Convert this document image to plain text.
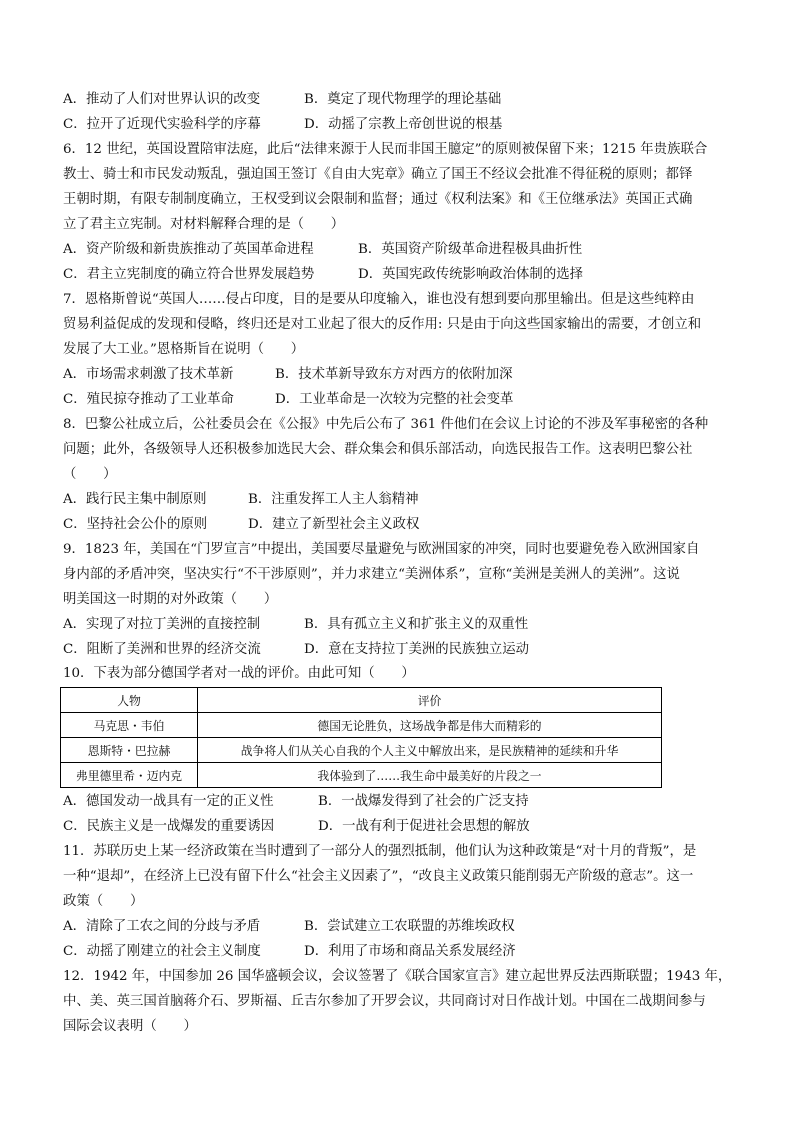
A．推动了人们对世界认识的改变	B．奠定了现代物理学的理论基础
C．拉开了近现代实验科学的序幕	D．动摇了宗教上帝创世说的根基
6．12 世纪，英国设置陪审法庭，此后“法律来源于人民而非国王臆定”的原则被保留下来；1215 年贵族联合
教士、骑士和市民发动叛乱，强迫国王签订《自由大宪章》确立了国王不经议会批准不得征税的原则；都铎
王朝时期，有限专制制度确立，王权受到议会限制和监督；通过《权利法案》和《王位继承法》英国正式确
立了君主立宪制。对材料解释合理的是（　　）
A．资产阶级和新贵族推动了英国革命进程	B．英国资产阶级革命进程极具曲折性
C．君主立宪制度的确立符合世界发展趋势	D．英国宪政传统影响政治体制的选择
7．恩格斯曾说“英国人……侵占印度，目的是要从印度输入，谁也没有想到要向那里输出。但是这些纯粹由
贸易利益促成的发现和侵略，终归还是对工业起了很大的反作用: 只是由于向这些国家输出的需要，才创立和
发展了大工业。”恩格斯旨在说明（　　）
A．市场需求刺激了技术革新	B．技术革新导致东方对西方的依附加深
C．殖民掠夺推动了工业革命	D．工业革命是一次较为完整的社会变革
8．巴黎公社成立后，公社委员会在《公报》中先后公布了 361 件他们在会议上讨论的不涉及军事秘密的各种
问题；此外，各级领导人还积极参加选民大会、群众集会和俱乐部活动，向选民报告工作。这表明巴黎公社
（　　）
A．践行民主集中制原则	B．注重发挥工人主人翁精神
C．坚持社会公仆的原则	D．建立了新型社会主义政权
9．1823 年，美国在“门罗宣言”中提出，美国要尽量避免与欧洲国家的冲突，同时也要避免卷入欧洲国家自
身内部的矛盾冲突，坚决实行“不干涉原则”，并力求建立“美洲体系”，宣称“美洲是美洲人的美洲”。这说
明美国这一时期的对外政策（　　）
A．实现了对拉丁美洲的直接控制	B．具有孤立主义和扩张主义的双重性
C．阻断了美洲和世界的经济交流	D．意在支持拉丁美洲的民族独立运动
10．下表为部分德国学者对一战的评价。由此可知（　　）
人物	评价
马克思・韦伯	德国无论胜负，这场战争都是伟大而精彩的
恩斯特・巴拉赫	战争将人们从关心自我的个人主义中解放出来，是民族精神的延续和升华
弗里德里希・迈内克	我体验到了……我生命中最美好的片段之一
A．德国发动一战具有一定的正义性	B．一战爆发得到了社会的广泛支持
C．民族主义是一战爆发的重要诱因	D．一战有利于促进社会思想的解放
11．苏联历史上某一经济政策在当时遭到了一部分人的强烈抵制，他们认为这种政策是“对十月的背叛”，是
一种“退却”，在经济上已没有留下什么“社会主义因素了”，“改良主义政策只能削弱无产阶级的意志”。这一
政策（　　）
A．清除了工农之间的分歧与矛盾	B．尝试建立工农联盟的苏维埃政权
C．动摇了刚建立的社会主义制度	D．利用了市场和商品关系发展经济
12．1942 年，中国参加 26 国华盛顿会议，会议签署了《联合国家宣言》建立起世界反法西斯联盟；1943 年，
中、美、英三国首脑蒋介石、罗斯福、丘吉尔参加了开罗会议，共同商讨对日作战计划。中国在二战期间参与
国际会议表明（　　）
